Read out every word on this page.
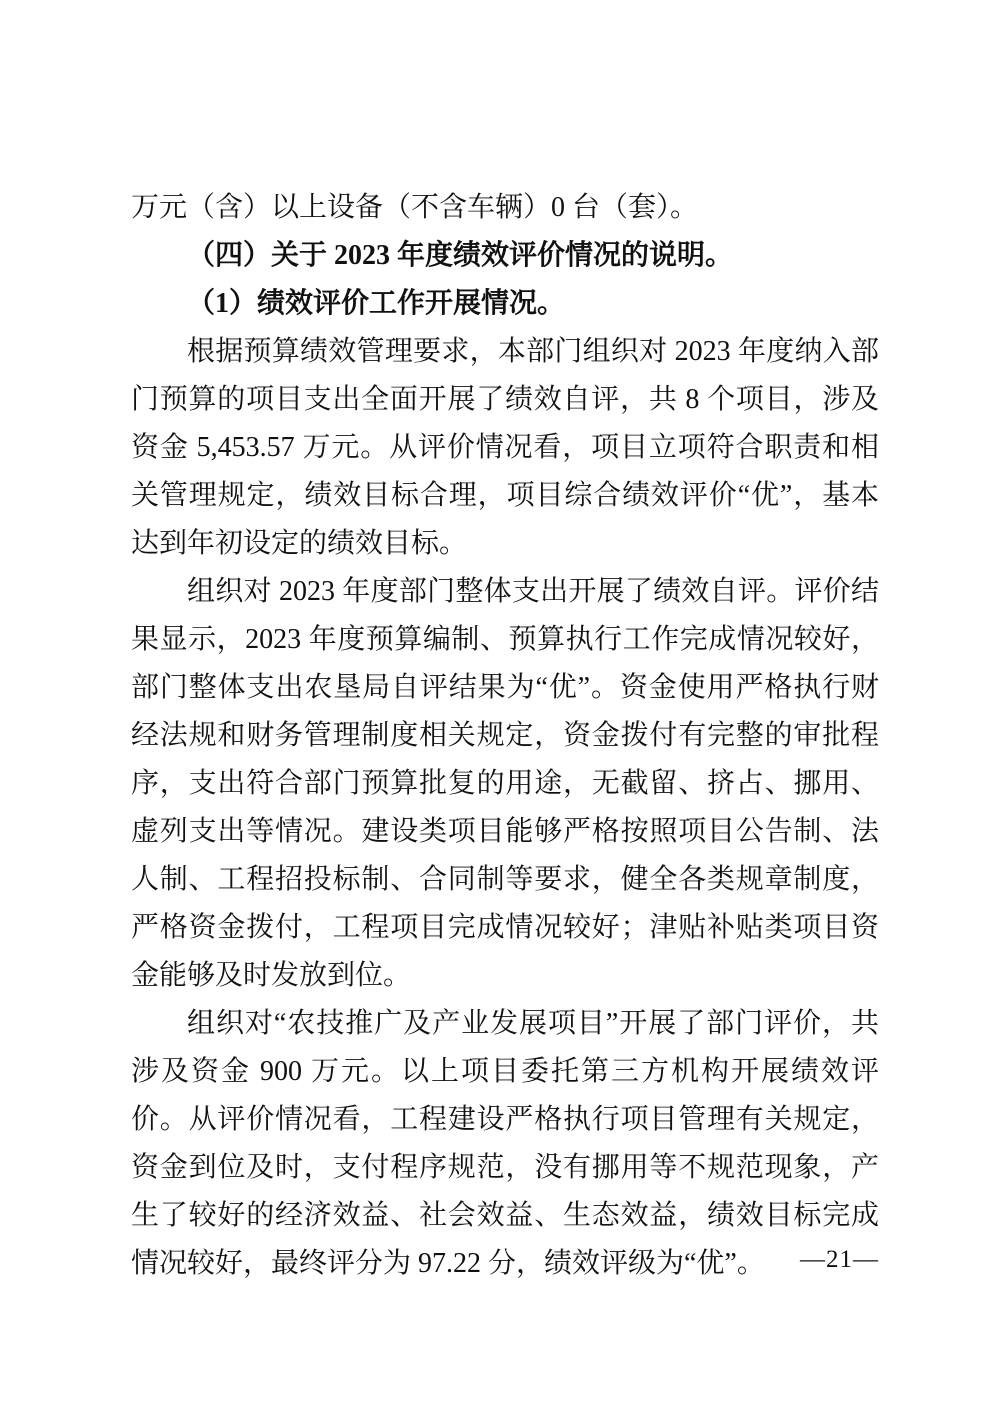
万元（含）以上设备（不含车辆）0 台（套）。

（四）关于 2023 年度绩效评价情况的说明。

（1）绩效评价工作开展情况。

根据预算绩效管理要求，本部门组织对 2023 年度纳入部门预算的项目支出全面开展了绩效自评，共 8 个项目，涉及资金 5,453.57 万元。从评价情况看，项目立项符合职责和相关管理规定，绩效目标合理，项目综合绩效评价“优”，基本达到年初设定的绩效目标。

组织对 2023 年度部门整体支出开展了绩效自评。评价结果显示，2023 年度预算编制、预算执行工作完成情况较好，部门整体支出农垦局自评结果为“优”。资金使用严格执行财经法规和财务管理制度相关规定，资金拨付有完整的审批程序，支出符合部门预算批复的用途，无截留、挤占、挪用、虚列支出等情况。建设类项目能够严格按照项目公告制、法人制、工程招投标制、合同制等要求，健全各类规章制度，严格资金拨付，工程项目完成情况较好；津贴补贴类项目资金能够及时发放到位。

组织对“农技推广及产业发展项目”开展了部门评价，共涉及资金 900 万元。以上项目委托第三方机构开展绩效评价。从评价情况看，工程建设严格执行项目管理有关规定，资金到位及时，支付程序规范，没有挪用等不规范现象，产生了较好的经济效益、社会效益、生态效益，绩效目标完成情况较好，最终评分为 97.22 分，绩效评级为“优”。	—21—
